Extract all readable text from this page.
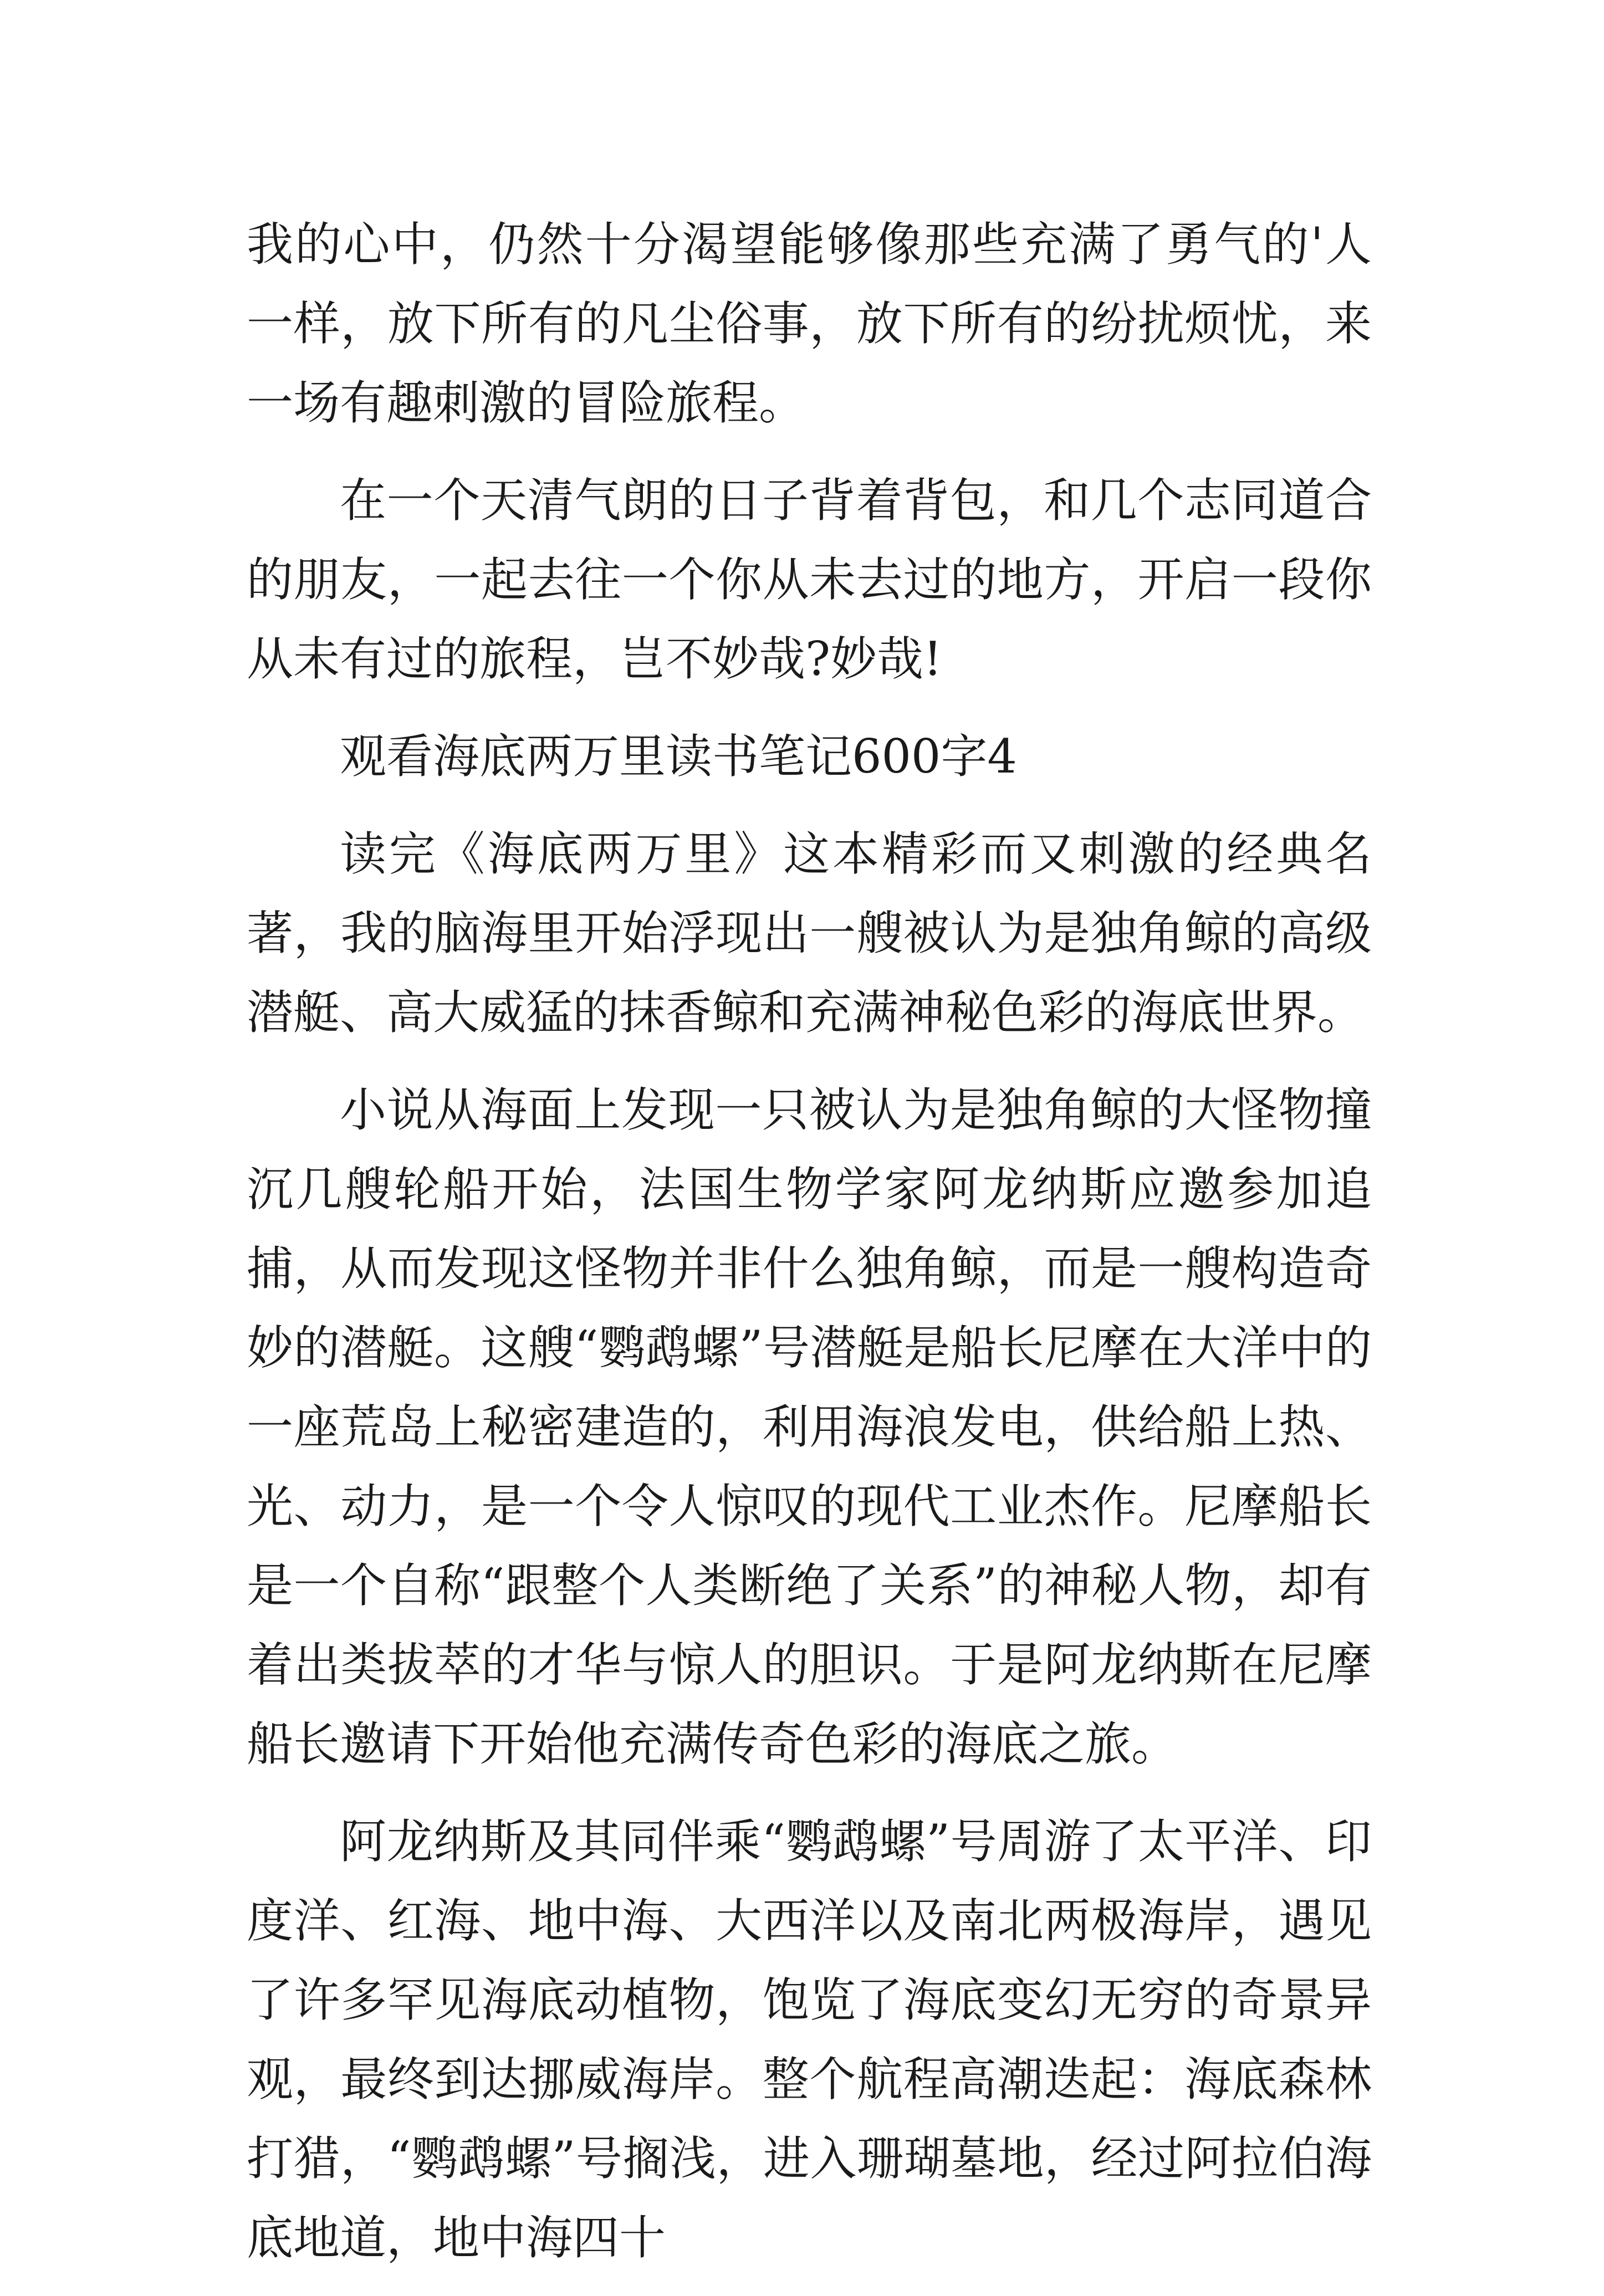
我的心中，仍然十分渴望能够像那些充满了勇气的'人一样，放下所有的凡尘俗事，放下所有的纷扰烦忧，来一场有趣刺激的冒险旅程。

在一个天清气朗的日子背着背包，和几个志同道合的朋友，一起去往一个你从未去过的地方，开启一段你从未有过的旅程，岂不妙哉?妙哉!

观看海底两万里读书笔记600字4

读完《海底两万里》这本精彩而又刺激的经典名著，我的脑海里开始浮现出一艘被认为是独角鲸的高级潜艇、高大威猛的抹香鲸和充满神秘色彩的海底世界。

小说从海面上发现一只被认为是独角鲸的大怪物撞沉几艘轮船开始，法国生物学家阿龙纳斯应邀参加追捕，从而发现这怪物并非什么独角鲸，而是一艘构造奇妙的潜艇。这艘“鹦鹉螺”号潜艇是船长尼摩在大洋中的一座荒岛上秘密建造的，利用海浪发电，供给船上热、光、动力，是一个令人惊叹的现代工业杰作。尼摩船长是一个自称“跟整个人类断绝了关系”的神秘人物，却有着出类拔萃的才华与惊人的胆识。于是阿龙纳斯在尼摩船长邀请下开始他充满传奇色彩的海底之旅。

阿龙纳斯及其同伴乘“鹦鹉螺”号周游了太平洋、印度洋、红海、地中海、大西洋以及南北两极海岸，遇见了许多罕见海底动植物，饱览了海底变幻无穷的奇景异观，最终到达挪威海岸。整个航程高潮迭起：海底森林打猎，“鹦鹉螺”号搁浅，进入珊瑚墓地，经过阿拉伯海底地道，地中海四十
